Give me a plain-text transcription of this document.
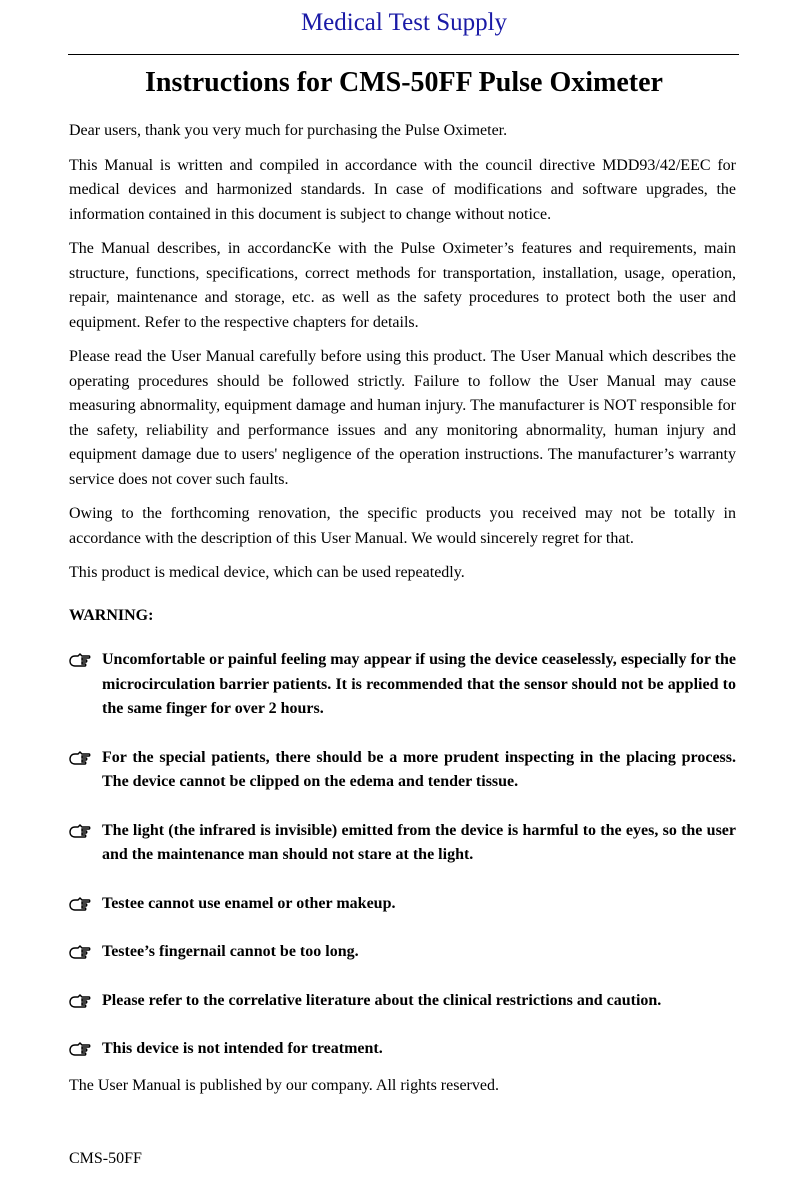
Medical Test Supply
Instructions for CMS-50FF Pulse Oximeter

Dear users, thank you very much for purchasing the Pulse Oximeter.

This Manual is written and compiled in accordance with the council directive MDD93/42/EEC for medical devices and harmonized standards. In case of modifications and software upgrades, the information contained in this document is subject to change without notice.

The Manual describes, in accordancKe with the Pulse Oximeter’s features and requirements, main structure, functions, specifications, correct methods for transportation, installation, usage, operation, repair, maintenance and storage, etc. as well as the safety procedures to protect both the user and equipment. Refer to the respective chapters for details.

Please read the User Manual carefully before using this product. The User Manual which describes the operating procedures should be followed strictly. Failure to follow the User Manual may cause measuring abnormality, equipment damage and human injury. The manufacturer is NOT responsible for the safety, reliability and performance issues and any monitoring abnormality, human injury and equipment damage due to users' negligence of the operation instructions. The manufacturer’s warranty service does not cover such faults.

Owing to the forthcoming renovation, the specific products you received may not be totally in accordance with the description of this User Manual. We would sincerely regret for that.

This product is medical device, which can be used repeatedly.

WARNING:
Uncomfortable or painful feeling may appear if using the device ceaselessly, especially for the microcirculation barrier patients. It is recommended that the sensor should not be applied to the same finger for over 2 hours.
For the special patients, there should be a more prudent inspecting in the placing process. The device cannot be clipped on the edema and tender tissue.
The light (the infrared is invisible) emitted from the device is harmful to the eyes, so the user and the maintenance man should not stare at the light.
Testee cannot use enamel or other makeup.
Testee’s fingernail cannot be too long.
Please refer to the correlative literature about the clinical restrictions and caution.
This device is not intended for treatment.

The User Manual is published by our company. All rights reserved.

CMS-50FF
